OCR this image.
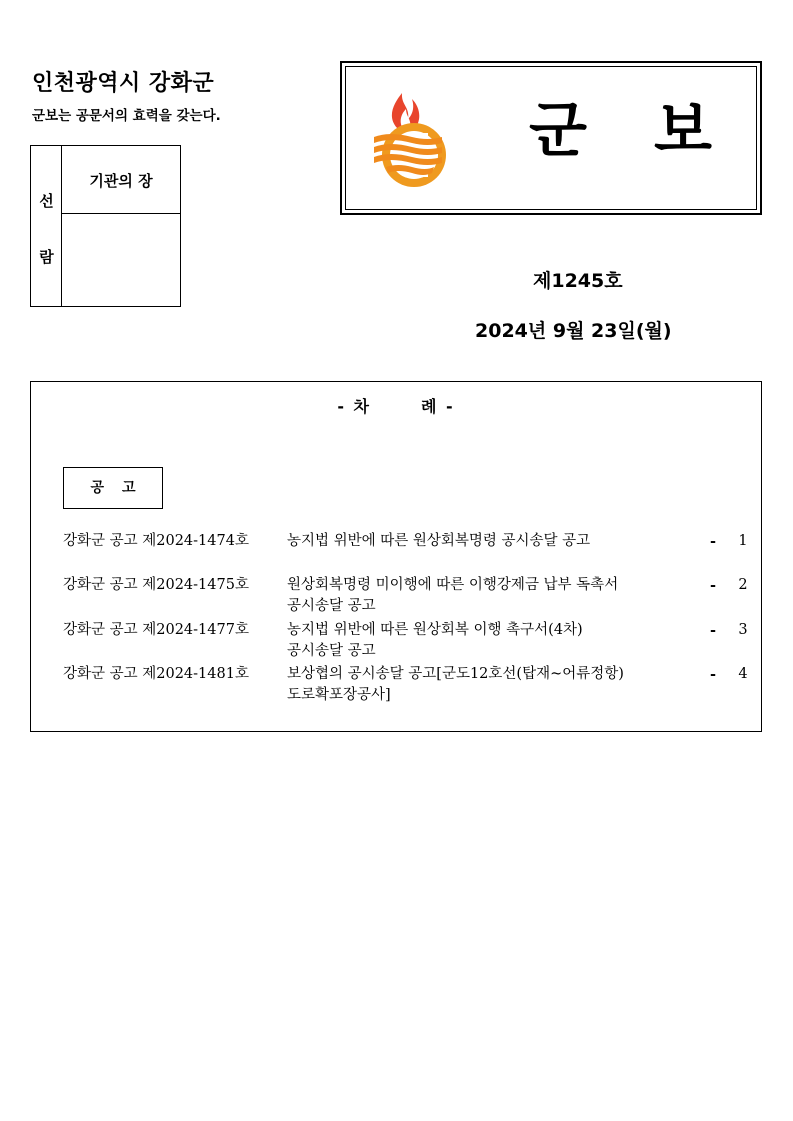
인천광역시 강화군
군보는 공문서의 효력을 갖는다.
선
람
기관의 장
군 보
제1245호
2024년 9월 23일(월)
- 차	례 -
공고
강화군 공고 제2024-1474호	농지법 위반에 따른 원상회복명령 공시송달 공고	- 1
강화군 공고 제2024-1475호	원상회복명령 미이행에 따른 이행강제금 납부 독촉서
공시송달 공고
- 2
강화군 공고 제2024-1477호	농지법 위반에 따른 원상회복 이행 촉구서(4차)
공시송달 공고
- 3
강화군 공고 제2024-1481호	보상협의 공시송달 공고[군도12호선(탑재~어류정항)
도로확포장공사]
- 4
